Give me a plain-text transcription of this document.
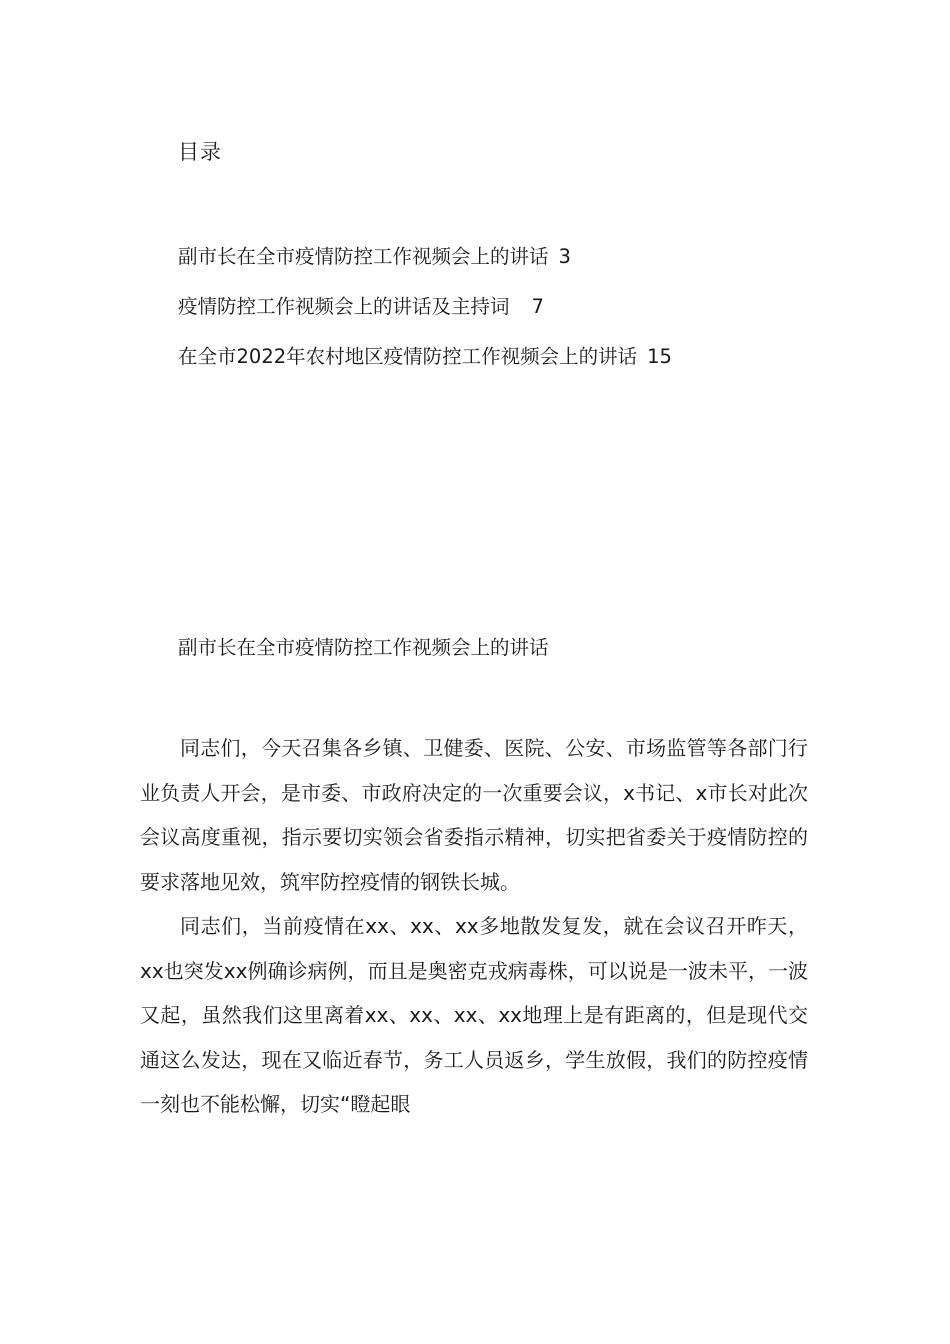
目录
副市长在全市疫情防控工作视频会上的讲话 3
疫情防控工作视频会上的讲话及主持词 7
在全市2022年农村地区疫情防控工作视频会上的讲话 15
副市长在全市疫情防控工作视频会上的讲话

同志们，今天召集各乡镇、卫健委、医院、公安、市场监管等各部门行业负责人开会，是市委、市政府决定的一次重要会议，x书记、x市长对此次会议高度重视，指示要切实领会省委指示精神，切实把省委关于疫情防控的要求落地见效，筑牢防控疫情的钢铁长城。

同志们，当前疫情在xx、xx、xx多地散发复发，就在会议召开昨天，xx也突发xx例确诊病例，而且是奥密克戎病毒株，可以说是一波未平，一波又起，虽然我们这里离着xx、xx、xx、xx地理上是有距离的，但是现代交通这么发达，现在又临近春节，务工人员返乡，学生放假，我们的防控疫情一刻也不能松懈，切实“瞪起眼
